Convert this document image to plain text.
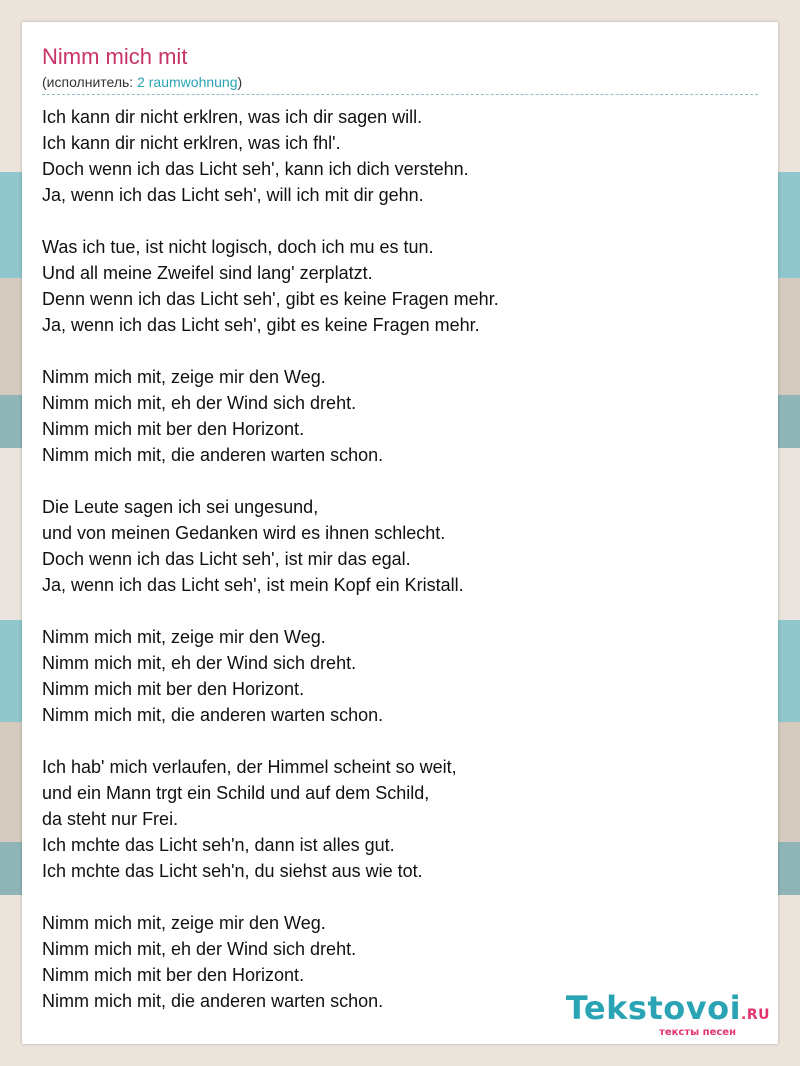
Nimm mich mit
(исполнитель: 2 raumwohnung)
Ich kann dir nicht erklren, was ich dir sagen will.
Ich kann dir nicht erklren, was ich fhl'.
Doch wenn ich das Licht seh', kann ich dich verstehn.
Ja, wenn ich das Licht seh', will ich mit dir gehn.
Was ich tue, ist nicht logisch, doch ich mu es tun.
Und all meine Zweifel sind lang' zerplatzt.
Denn wenn ich das Licht seh', gibt es keine Fragen mehr.
Ja, wenn ich das Licht seh', gibt es keine Fragen mehr.
Nimm mich mit, zeige mir den Weg.
Nimm mich mit, eh der Wind sich dreht.
Nimm mich mit ber den Horizont.
Nimm mich mit, die anderen warten schon.
Die Leute sagen ich sei ungesund,
und von meinen Gedanken wird es ihnen schlecht.
Doch wenn ich das Licht seh', ist mir das egal.
Ja, wenn ich das Licht seh', ist mein Kopf ein Kristall.
Nimm mich mit, zeige mir den Weg.
Nimm mich mit, eh der Wind sich dreht.
Nimm mich mit ber den Horizont.
Nimm mich mit, die anderen warten schon.
Ich hab' mich verlaufen, der Himmel scheint so weit,
und ein Mann trgt ein Schild und auf dem Schild,
da steht nur Frei.
Ich mchte das Licht seh'n, dann ist alles gut.
Ich mchte das Licht seh'n, du siehst aus wie tot.
Nimm mich mit, zeige mir den Weg.
Nimm mich mit, eh der Wind sich dreht.
Nimm mich mit ber den Horizont.
Nimm mich mit, die anderen warten schon.	Tekstovoi.RU
тексты песен
